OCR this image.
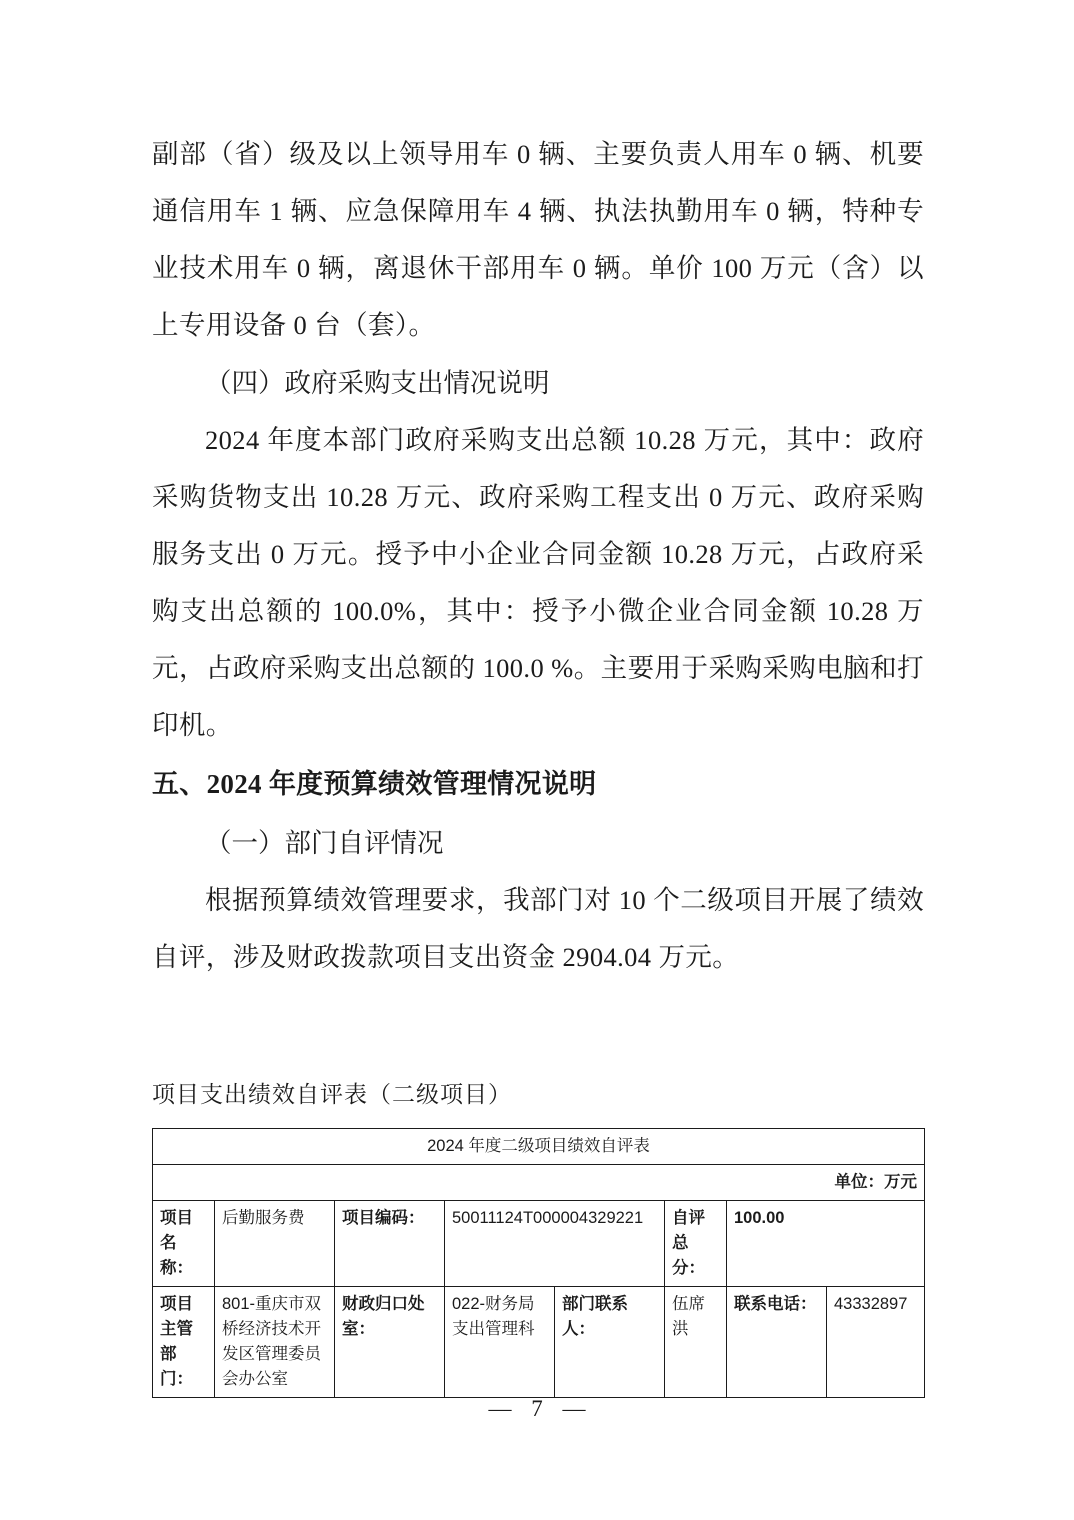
副部（省）级及以上领导用车 0 辆、主要负责人用车 0 辆、机要通信用车 1 辆、应急保障用车 4 辆、执法执勤用车 0 辆，特种专业技术用车 0 辆，离退休干部用车 0 辆。单价 100 万元（含）以上专用设备 0 台（套）。

（四）政府采购支出情况说明

2024 年度本部门政府采购支出总额 10.28 万元，其中：政府采购货物支出 10.28 万元、政府采购工程支出 0 万元、政府采购服务支出 0 万元。授予中小企业合同金额 10.28 万元，占政府采购支出总额的 100.0%，其中：授予小微企业合同金额 10.28 万元，占政府采购支出总额的 100.0 %。主要用于采购采购电脑和打印机。

五、2024 年度预算绩效管理情况说明

（一）部门自评情况

根据预算绩效管理要求，我部门对 10 个二级项目开展了绩效自评，涉及财政拨款项目支出资金 2904.04 万元。

项目支出绩效自评表（二级项目）

2024 年度二级项目绩效自评表							
单位：万元							
项目名称：	后勤服务费	项目编码：	50011124T000004329221		自评总分：	100.00	
项目主管部门：	801-重庆市双桥经济技术开发区管理委员会办公室	财政归口处室：	022-财务局支出管理科	部门联系人：	伍席洪	联系电话：	43332897
— 7 —
